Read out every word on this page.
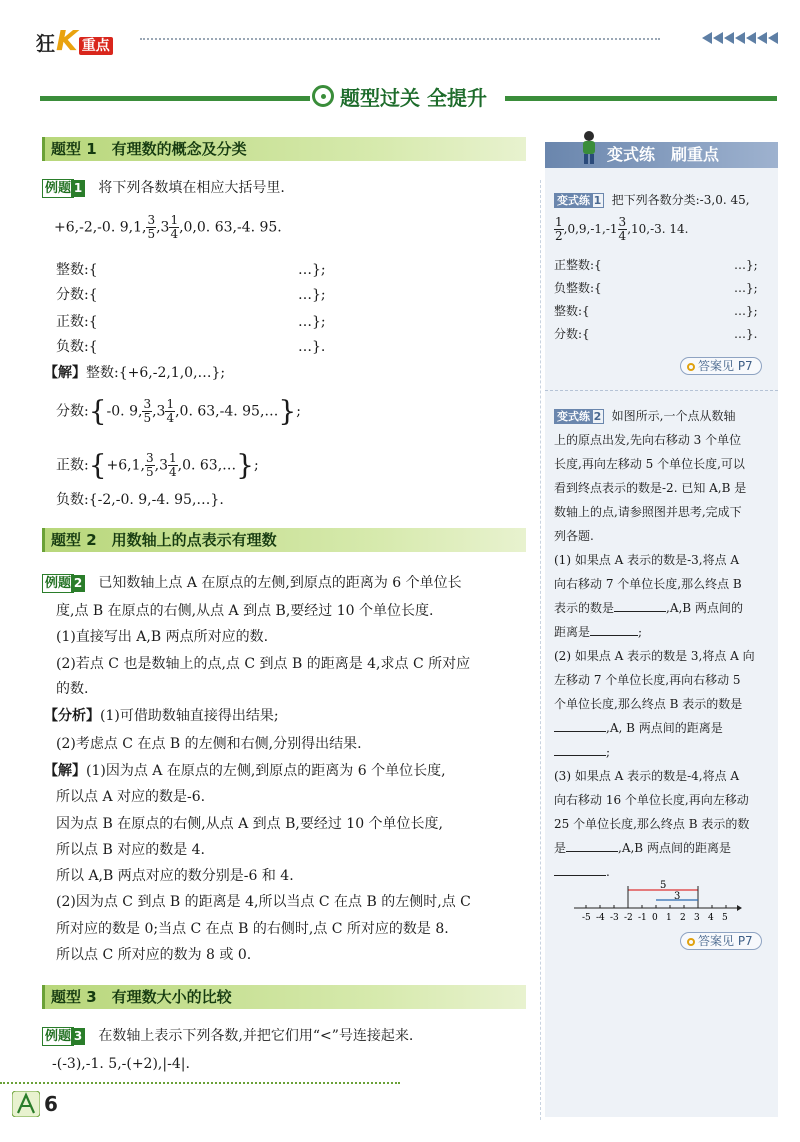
狂K 重点
题型过关 全提升
题型 1　有理数的概念及分类
例题 1 将下列各数填在相应大括号里.
+6,-2,-0. 9,1, $\frac{3}{5} ,3 \frac{1}{4} ,0,0$. 63,-4. 95.
整数:{	…};
分数:{	…};
正数:{	…};
负数:{	…}.
【解】整数:{+6,-2,1,0,…};
分数:{-0. 9, $\frac{3}{5} ,3 \frac{1}{4} ,0$. 63,-4. 95,…};
正数:{+6,1, $\frac{3}{5} ,3 \frac{1}{4} ,0$. 63,…};
负数:{-2,-0. 9,-4. 95,…}.
题型 2　用数轴上的点表示有理数
例题 2 已知数轴上点 A 在原点的左侧,到原点的距离为 6 个单位长
度,点 B 在原点的右侧,从点 A 到点 B,要经过 10 个单位长度.
(1)直接写出 A,B 两点所对应的数.
(2)若点 C 也是数轴上的点,点 C 到点 B 的距离是 4,求点 C 所对应
的数.
【分析】(1)可借助数轴直接得出结果;
(2)考虑点 C 在点 B 的左侧和右侧,分别得出结果.
【解】(1)因为点 A 在原点的左侧,到原点的距离为 6 个单位长度,
所以点 A 对应的数是-6.
因为点 B 在原点的右侧,从点 A 到点 B,要经过 10 个单位长度,
所以点 B 对应的数是 4.
所以 A,B 两点对应的数分别是-6 和 4.
(2)因为点 C 到点 B 的距离是 4,所以当点 C 在点 B 的左侧时,点 C
所对应的数是 0;当点 C 在点 B 的右侧时,点 C 所对应的数是 8.
所以点 C 所对应的数为 8 或 0.
题型 3　有理数大小的比较
例题 3 在数轴上表示下列各数,并把它们用“<”号连接起来.
-(-3),-1. 5,-(+2),|-4|.
变式练　刷重点
变式练 1 把下列各数分类:-3,0. 45,
$\frac{1}{2} ,0,9,-1,-1 \frac{3}{4} ,10,-3$. 14.
正整数:{	…};
负整数:{	…};
整数:{	…};
分数:{	…}.
答案见 P7
变式练 2 如图所示,一个点从数轴
上的原点出发,先向右移动 3 个单位
长度,再向左移动 5 个单位长度,可以
看到终点表示的数是-2. 已知 A,B 是
数轴上的点,请参照图并思考,完成下
列各题.
(1) 如果点 A 表示的数是-3,将点 A
向右移动 7 个单位长度,那么终点 B
表示的数是	,A,B 两点间的
距离是	;
(2) 如果点 A 表示的数是 3,将点 A 向
左移动 7 个单位长度,再向右移动 5
个单位长度,那么终点 B 表示的数是
,A, B 两点间的距离是
;
(3) 如果点 A 表示的数是-4,将点 A
向右移动 16 个单位长度,再向左移动
25 个单位长度,那么终点 B 表示的数
是	,A,B 两点间的距离是
.
-5 -4 -3 -2 -1 0 1 2 3 4 5
5
3
答案见 P7
6
